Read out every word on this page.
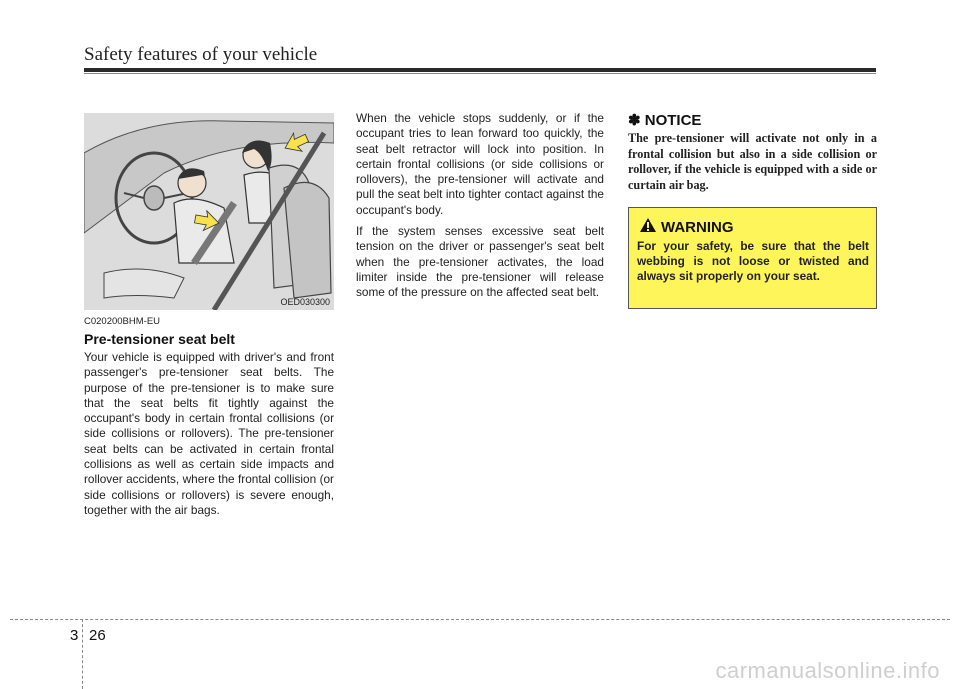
Safety features of your vehicle
OED030300
C020200BHM-EU
Pre-tensioner seat belt

Your vehicle is equipped with driver's and front passenger's pre-tensioner seat belts. The purpose of the pre-tensioner is to make sure that the seat belts fit tightly against the occupant's body in certain frontal collisions (or side collisions or rollovers). The pre-tensioner seat belts can be activated in certain frontal collisions as well as certain side impacts and rollover accidents, where the frontal collision (or side collisions or rollovers) is severe enough, together with the air bags.

When the vehicle stops suddenly, or if the occupant tries to lean forward too quickly, the seat belt retractor will lock into position. In certain frontal collisions (or side collisions or rollovers), the pre-tensioner will activate and pull the seat belt into tighter contact against the occupant's body.

If the system senses excessive seat belt tension on the driver or passenger's seat belt when the pre-tensioner activates, the load limiter inside the pre-tensioner will release some of the pressure on the affected seat belt.

✽ NOTICE

The pre-tensioner will activate not only in a frontal collision but also in a side collision or rollover, if the vehicle is equipped with a side or curtain air bag.

WARNING

For your safety, be sure that the belt webbing is not loose or twisted and always sit properly on your seat.

3 26
carmanualsonline.info
